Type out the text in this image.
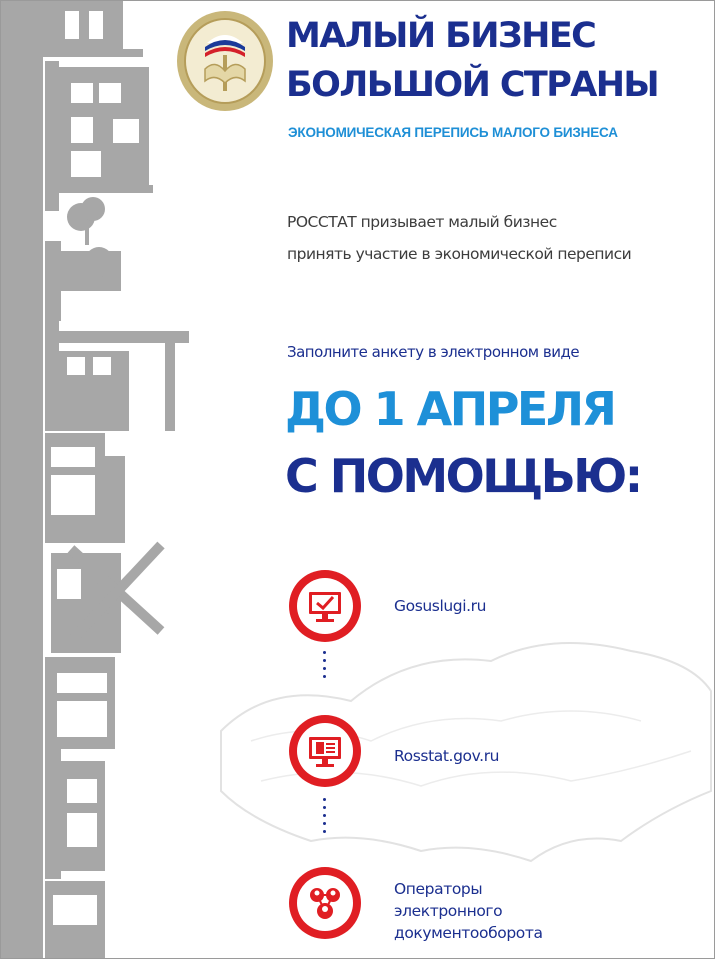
МАЛЫЙ БИЗНЕС
БОЛЬШОЙ СТРАНЫ
ЭКОНОМИЧЕСКАЯ ПЕРЕПИСЬ МАЛОГО БИЗНЕСА
РОССТАТ призывает малый бизнес
принять участие в экономической переписи
Заполните анкету в электронном виде
ДО 1 АПРЕЛЯ
С ПОМОЩЬЮ:
Gosuslugi.ru
Rosstat.gov.ru
Операторы
электронного
документооборота
